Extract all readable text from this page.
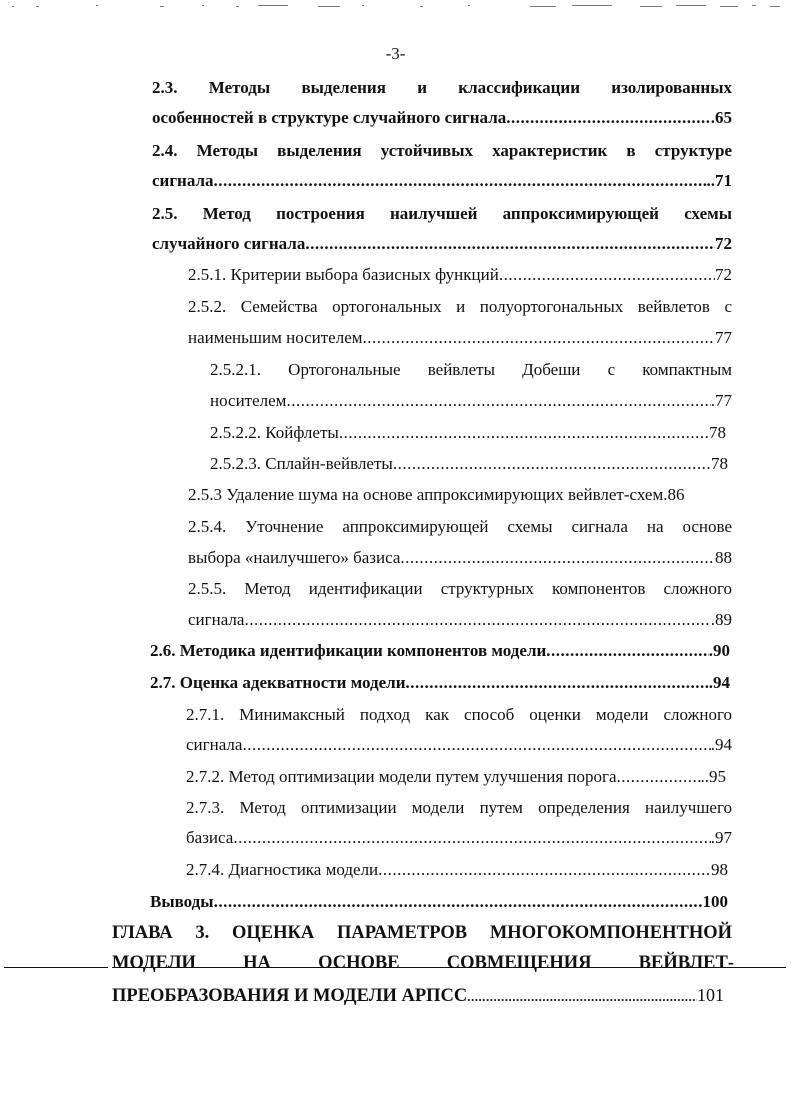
-3-
2.3. Методы выделения и классификации изолированных
особенностей в структуре случайного сигнала .....	.65
2.4. Методы выделения устойчивых характеристик в структуре
сигнала .....	..71
2.5. Метод построения наилучшей аппроксимирующей схемы
случайного сигнала .....	72
2.5.1. Критерии выбора базисных функций .....	72
2.5.2. Семейства ортогональных и полуортогональных вейвлетов с
наименьшим носителем .....	77
2.5.2.1. Ортогональные вейвлеты Добеши с компактным
носителем .....	.77
2.5.2.2. Койфлеты .....	78
2.5.2.3. Сплайн-вейвлеты .....	78
2.5.3 Удаление шума на основе аппроксимирующих вейвлет-схем.86
2.5.4. Уточнение аппроксимирующей схемы сигнала на основе
выбора «наилучшего» базиса .....	88
2.5.5. Метод идентификации структурных компонентов сложного
сигнала .....	.89
2.6. Методика идентификации компонентов модели .....	.90
2.7. Оценка адекватности модели .....	.94
2.7.1. Минимаксный подход как способ оценки модели сложного
сигнала .....	.94
2.7.2. Метод оптимизации модели путем улучшения порога .....	..95
2.7.3. Метод оптимизации модели путем определения наилучшего
базиса .....	.97
2.7.4. Диагностика модели .....	98
Выводы .....	.100
ГЛАВА 3. ОЦЕНКА ПАРАМЕТРОВ МНОГОКОМПОНЕНТНОЙ
МОДЕЛИ НА ОСНОВЕ СОВМЕЩЕНИЯ ВЕЙВЛЕТ-
ПРЕОБРАЗОВАНИЯ И МОДЕЛИ АРПСС .....	101
